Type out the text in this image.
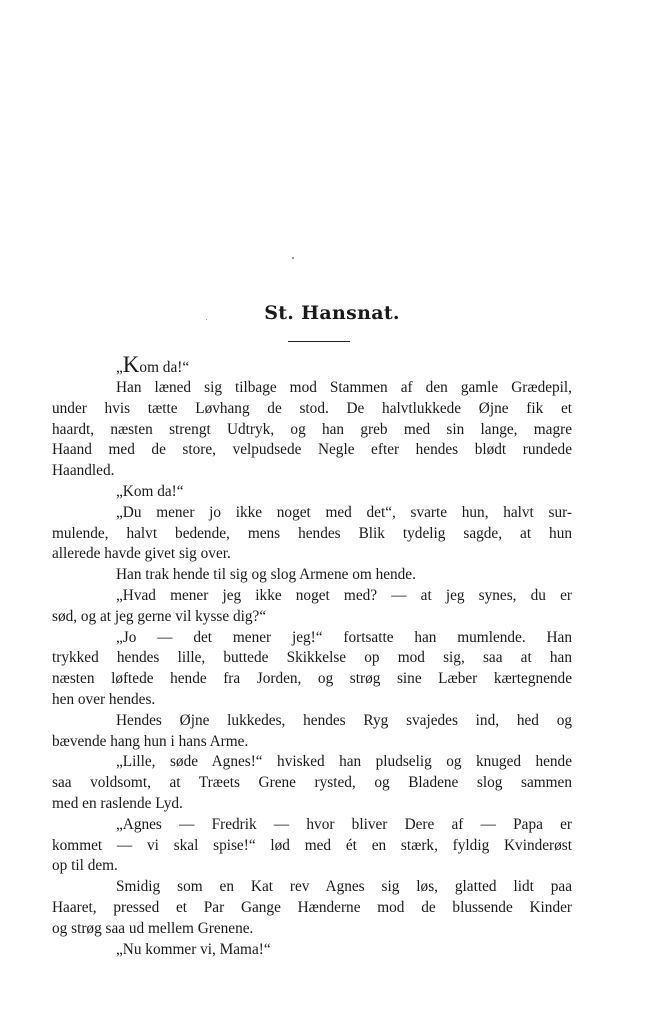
St. Hansnat.
„Kom da!“
Han læned sig tilbage mod Stammen af den gamle Grædepil,
under hvis tætte Løvhang de stod. De halvtlukkede Øjne fik et
haardt, næsten strengt Udtryk, og han greb med sin lange, magre
Haand med de store, velpudsede Negle efter hendes blødt rundede
Haandled.
„Kom da!“
„Du mener jo ikke noget med det“, svarte hun, halvt sur-
mulende, halvt bedende, mens hendes Blik tydelig sagde, at hun
allerede havde givet sig over.
Han trak hende til sig og slog Armene om hende.
„Hvad mener jeg ikke noget med? — at jeg synes, du er
sød, og at jeg gerne vil kysse dig?“
„Jo — det mener jeg!“ fortsatte han mumlende. Han
trykked hendes lille, buttede Skikkelse op mod sig, saa at han
næsten løftede hende fra Jorden, og strøg sine Læber kærtegnende
hen over hendes.
Hendes Øjne lukkedes, hendes Ryg svajedes ind, hed og
bævende hang hun i hans Arme.
„Lille, søde Agnes!“ hvisked han pludselig og knuged hende
saa voldsomt, at Træets Grene rysted, og Bladene slog sammen
med en raslende Lyd.
„Agnes — Fredrik — hvor bliver Dere af — Papa er
kommet — vi skal spise!“ lød med ét en stærk, fyldig Kvinderøst
op til dem.
Smidig som en Kat rev Agnes sig løs, glatted lidt paa
Haaret, pressed et Par Gange Hænderne mod de blussende Kinder
og strøg saa ud mellem Grenene.
„Nu kommer vi, Mama!“
